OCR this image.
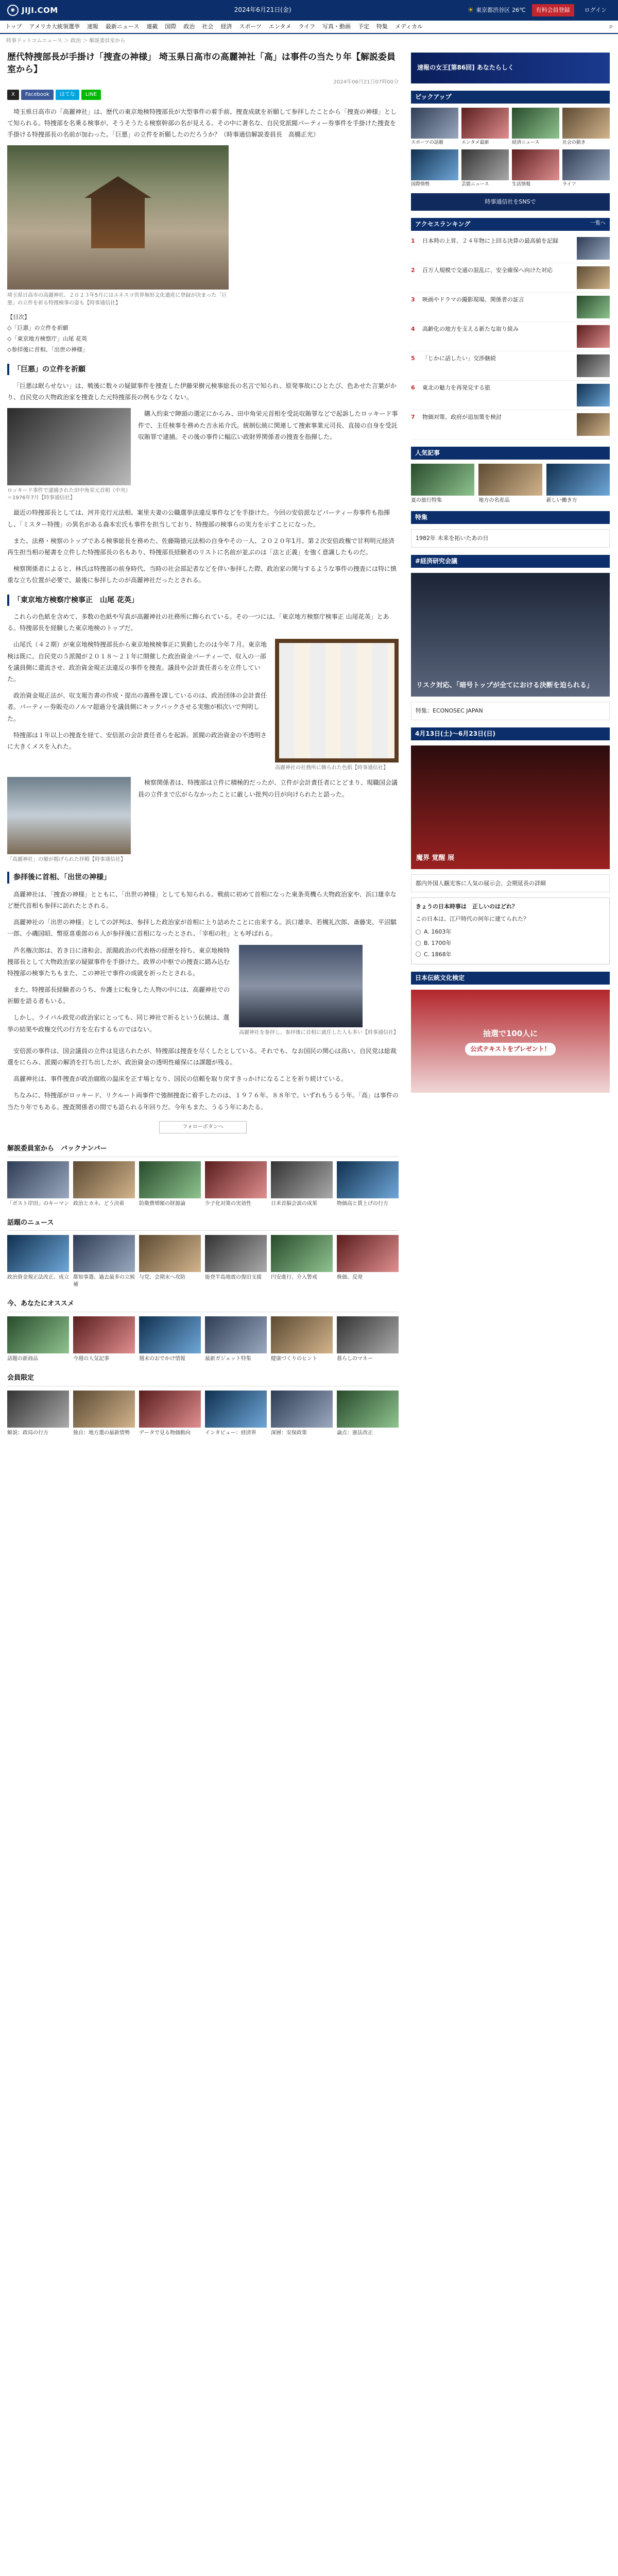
◉ JIJI.COM	2024年6月21日(金)	☀ 東京都渋谷区 26℃	有料会員登録	ログイン
トップ アメリカ大統領選挙 速報 最新ニュース 連載 国際 政治 社会 経済 スポーツ エンタメ ライフ 写真・動画 予定 特集 メディカル	⌕
時事ドットコムニュース ＞ 政治 ＞ 解説委員室から
歴代特捜部長が手掛け「捜査の神様」 埼玉県日高市の高麗神社「高」は事件の当たり年【解説委員室から】
2024年06月21日07時00分
X	Facebook	はてな	LINE

埼玉県日高市の「高麗神社」は、歴代の東京地検特捜部長が大型事件の着手前、捜査成就を祈願して参拝したことから「捜査の神様」として知られる。特捜部を名乗る検事が、そうそうたる検察幹部の名が見える。その中に著名な、自民党派閥パーティー券事件を手掛けた捜査を手掛ける特捜部長の名前が加わった。「巨悪」の立件を祈願したのだろうか？（時事通信解説委員長　高橋正光）

埼玉県日高市の高麗神社。２０２３年5月にはユネスコ世界無形文化遺産に登録が決まった「巨悪」の立件を祈る特捜検事の姿も【時事通信社】
【目次】
◇「巨悪」の立件を祈願
◇「東京地方検察庁」山尾 花英
◇参拝後に首相、「出世の神様」
「巨悪」の立件を祈願

「巨悪は眠らせない」は、戦後に数々の疑獄事件を捜査した伊藤栄樹元検事総長の名言で知られ、原発事故にひとたび、色あせた言葉がかり、自民党の大物政治家を捜査した元特捜部長の例も少なくない。

ロッキード事件で逮捕された田中角栄元首相（中央）＝1976年7月【時事通信社】

購入約束で陣頭の選定にからみ、田中角栄元首相を受託収賄罪などで起訴したロッキード事件で、主任検事を務めた吉永祐介氏。統制伝統に関連して捜索事業元司長、直接の自身を受託収賄罪で逮捕。その後の事件に幅広い政財界関係者の捜査を指揮した。

最近の特捜部長としては、河井克行元法相、案里夫妻の公職選挙法違反事件などを手掛けた。今回の安倍派などパーティー券事件も指揮し、「ミスター特捜」の異名がある森本宏氏も事件を担当しており、特捜部の検事らの実力を示すことになった。

また、法務・検察のトップである検事総長を務めた、佐藤陽徳元法相の自身やその一人、２０２０年1月、第２次安倍政権で甘利明元経済再生担当相の秘書を立件した特捜部長の名もあり、特捜部長経験者のリストに名前が並ぶのは「法と正義」を強く意識したものだ。

検察関係者によると、林氏は特捜部の前身時代、当時の社会部記者などを伴い参拝した際、政治家の関与するような事件の捜査には特に慎重な立ち位置が必要で、最後に参拝したのが高麗神社だったとされる。

「東京地方検察庁検事正　山尾 花英」

これらの色紙を含めて、多数の色紙や写真が高麗神社の社務所に飾られている。その一つには、「東京地方検察庁検事正 山尾花英」とある。特捜部長を経験した東京地検のトップだ。

山尾氏（４２期）が東京地検特捜部長から東京地検検事正に異動したのは今年７月。東京地検は既に、自民党の５派閥が２０１８〜２１年に開催した政治資金パーティーで、収入の一部を議員側に還流させ、政治資金規正法違反の事件を捜査。議員や会計責任者らを立件していた。

政治資金規正法が、収支報告書の作成・提出の義務を課しているのは、政治団体の会計責任者。パーティー券販売のノルマ超過分を議員側にキックバックさせる実態が相次いで判明した。

特捜部は１年以上の捜査を経て、安倍派の会計責任者らを起訴。派閥の政治資金の不透明さに大きくメスを入れた。

高麗神社の社務所に飾られた色紙【時事通信社】
「高麗神社」の額が掲げられた拝殿【時事通信社】

検察関係者は、特捜部は立件に積極的だったが、立件が会計責任者にとどまり、現職国会議員の立件まで広がらなかったことに厳しい批判の目が向けられたと語った。

参拝後に首相、「出世の神様」

高麗神社は、「捜査の神様」とともに、「出世の神様」としても知られる。戦前に初めて首相になった東条英機ら大物政治家や、浜口雄幸など歴代首相も参拝に訪れたとされる。

高麗神社の「出世の神様」としての評判は、参拝した政治家が首相に上り詰めたことに由来する。浜口雄幸、若槻礼次郎、斎藤実、平沼騏一郎、小磯国昭、幣原喜重郎の６人が参拝後に首相になったとされ、「宰相の杜」とも呼ばれる。

芦名権次郎は、若き日に清和会、派閥政治の代表格の経歴を持ち、東京地検特捜部長として大物政治家の疑獄事件を手掛けた。政界の中枢での捜査に踏み込む特捜部の検事たちもまた、この神社で事件の成就を祈ったとされる。

また、特捜部長経験者のうち、弁護士に転身した人物の中には、高麗神社での祈願を語る者もいる。

しかし、ライバル政党の政治家にとっても、同じ神社で祈るという伝統は、選挙の結果や政権交代の行方を左右するものではない。	高麗神社を参拝し、参拝後に首相に就任した人も多い【時事通信社】

安倍派の事件は、国会議員の立件は見送られたが、特捜部は捜査を尽くしたとしている。それでも、なお国民の関心は高い。自民党は総裁選をにらみ、派閥の解消を打ち出したが、政治資金の透明性確保には課題が残る。

高麗神社は、事件捜査が政治腐敗の温床を正す場となり、国民の信頼を取り戻すきっかけになることを祈り続けている。

ちなみに、特捜部がロッキード、リクルート両事件で強制捜査に着手したのは、１９７６年、８８年で、いずれもうるう年。「高」は事件の当たり年でもある。捜査関係者の間でも語られる年回りだ。今年もまた、うるう年にあたる。

フォローボタンへ
解説委員室から　バックナンバー
「ポスト岸田」のキーマン 政治とカネ、どう決着	防衛費増額の財源論	少子化対策の実効性	日米首脳会談の成果	物価高と賃上げの行方
話題のニュース
政治資金規正法改正、成立 都知事選、過去最多の立候補
与党、会期末へ攻防	能登半島地震の復旧支援	円安進行、介入警戒	株価、反発
今、あなたにオススメ
話題の新商品	今週の人気記事	週末のおでかけ情報	最新ガジェット特集	健康づくりのヒント	暮らしのマネー
会員限定
解説：政局の行方	独自：地方選の最新情勢	データで見る物価動向	インタビュー：経済界	深層：安保政策	論点：憲法改正
速報の女王[第86回] あなたらしく
ピックアップ
スポーツの話題	エンタメ最新	経済ニュース	社会の動き
国際情勢	芸能ニュース	生活情報	ライフ
時事通信社をSNSで
アクセスランキング	一覧へ
1	日本時の上昇、２４年物に上回る決算の最高値を記録
2	百万人規模で交通の混乱に、安全確保へ向けた対応
3	映画やドラマの撮影現場、関係者の証言
4	高齢化の地方を支える新たな取り組み
5	「じかに話したい」交渉継続
6	東北の魅力を再発見する旅
7	物価対策、政府が追加策を検討
人気記事
夏の旅行特集	地方の名産品	新しい働き方
特集
1982年 未来を拓いたあの日
#経済研究会議
リスク対応、「暗号トップが全てにおける決断を迫られる」
特集：ECONOSEC JAPAN
4月13日(土)～6月23日(日)
魔界 覚醒 展
都内外国人観光客に人気の展示会、会期延長の詳細
きょうの日本時事は　正しいのはどれ？
この日本は、江戸時代の何年に建てられた？
A. 1603年
B. 1700年
C. 1868年
日本伝統文化検定
抽選で100人に
公式テキストをプレゼント！
